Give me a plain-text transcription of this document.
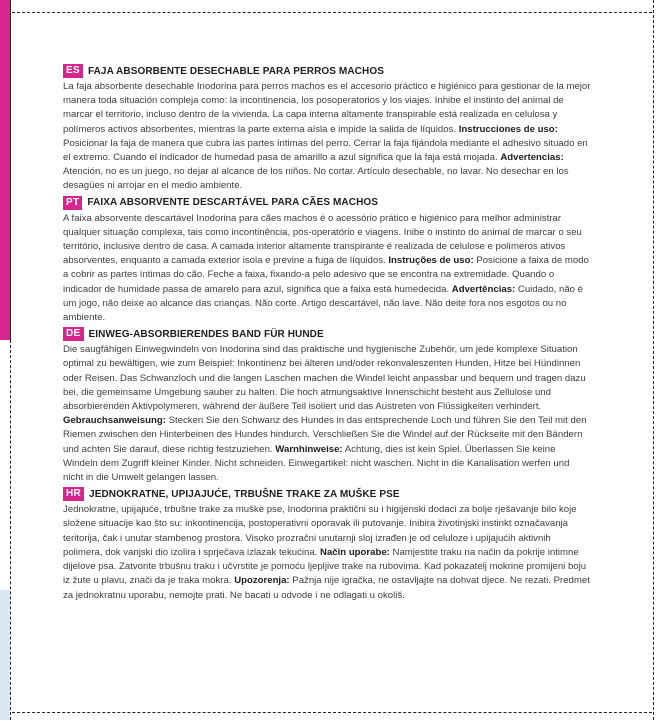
ES FAJA ABSORBENTE DESECHABLE PARA PERROS MACHOS
La faja absorbente desechable Inodorina para perros machos es el accesorio práctico e higiénico para gestionar de la mejor manera toda situación compleja como: la incontinencia, los posoperatorios y los viajes. Inhibe el instinto del animal de marcar el territorio, incluso dentro de la vivienda. La capa interna altamente transpirable está realizada en celulosa y polímeros activos absorbentes, mientras la parte externa aísla e impide la salida de líquidos. Instrucciones de uso: Posicionar la faja de manera que cubra las partes íntimas del perro. Cerrar la faja fijándola mediante el adhesivo situado en el extremo. Cuando el indicador de humedad pasa de amarillo a azul significa que la faja está mojada. Advertencias: Atención, no es un juego, no dejar al alcance de los niños. No cortar. Artículo desechable, no lavar. No desechar en los desagües ni arrojar en el medio ambiente.
PT FAIXA ABSORVENTE DESCARTÁVEL PARA CÃES MACHOS
A faixa absorvente descartável Inodorina para cães machos é o acessório prático e higiénico para melhor administrar qualquer situação complexa, tais como incontinência, pós-operatório e viagens. Inibe o instinto do animal de marcar o seu território, inclusive dentro de casa. A camada interior altamente transpirante é realizada de celulose e polímeros ativos absorventes, enquanto a camada exterior isola e previne a fuga de líquidos. Instruções de uso: Posicione a faixa de modo a cobrir as partes íntimas do cão. Feche a faixa, fixando-a pelo adesivo que se encontra na extremidade. Quando o indicador de humidade passa de amarelo para azul, significa que a faixa está humedecida. Advertências: Cuidado, não é um jogo, não deixe ao alcance das crianças. Não corte. Artigo descartável, não lave. Não deite fora nos esgotos ou no ambiente.
DE EINWEG-ABSORBIERENDES BAND FÜR HUNDE
Die saugfähigen Einwegwindeln von Inodorina sind das praktische und hygienische Zubehör, um jede komplexe Situation optimal zu bewältigen, wie zum Beispiel: Inkontinenz bei älteren und/oder rekonvaleszenten Hunden, Hitze bei Hündinnen oder Reisen. Das Schwanzloch und die langen Laschen machen die Windel leicht anpassbar und bequem und tragen dazu bei, die gemeinsame Umgebung sauber zu halten. Die hoch atmungsaktive Innenschicht besteht aus Zellulose und absorbierenden Aktivpolymeren, während der äußere Teil isoliert und das Austreten von Flüssigkeiten verhindert. Gebrauchsanweisung: Stecken Sie den Schwanz des Hundes in das entsprechende Loch und führen Sie den Teil mit den Riemen zwischen den Hinterbeinen des Hundes hindurch. Verschließen Sie die Windel auf der Rückseite mit den Bändern und achten Sie darauf, diese richtig festzuziehen. Warnhinweise: Achtung, dies ist kein Spiel. Überlassen Sie keine Windeln dem Zugriff kleiner Kinder. Nicht schneiden. Einwegartikel: nicht waschen. Nicht in die Kanalisation werfen und nicht in die Umwelt gelangen lassen.
HR JEDNOKRATNE, UPIJAJUĆE, TRBUŠNE TRAKE ZA MUŠKE PSE
Jednokratne, upijajuće, trbušne trake za muške pse, Inodorina praktični su i higijenski dodaci za bolje rješavanje bilo koje složene situacije kao što su: inkontinencija, postoperativni oporavak ili putovanje. Inibira životinjski instinkt označavanja teritorija, čak i unutar stambenog prostora. Visoko prozračni unutarnji sloj izrađen je od celuloze i upijajućih aktivnih polimera, dok vanjski dio izolira i sprječava izlazak tekućina. Način uporabe: Namjestite traku na način da pokrije intimne dijelove psa. Zatvorite trbušnu traku i učvrstite je pomoću ljepljive trake na rubovima. Kad pokazatelj mokrine promijeni boju iz žute u plavu, znači da je traka mokra. Upozorenja: Pažnja nije igračka, ne ostavljajte na dohvat djece. Ne rezati. Predmet za jednokratnu uporabu, nemojte prati. Ne bacati u odvode i ne odlagati u okoliš.
